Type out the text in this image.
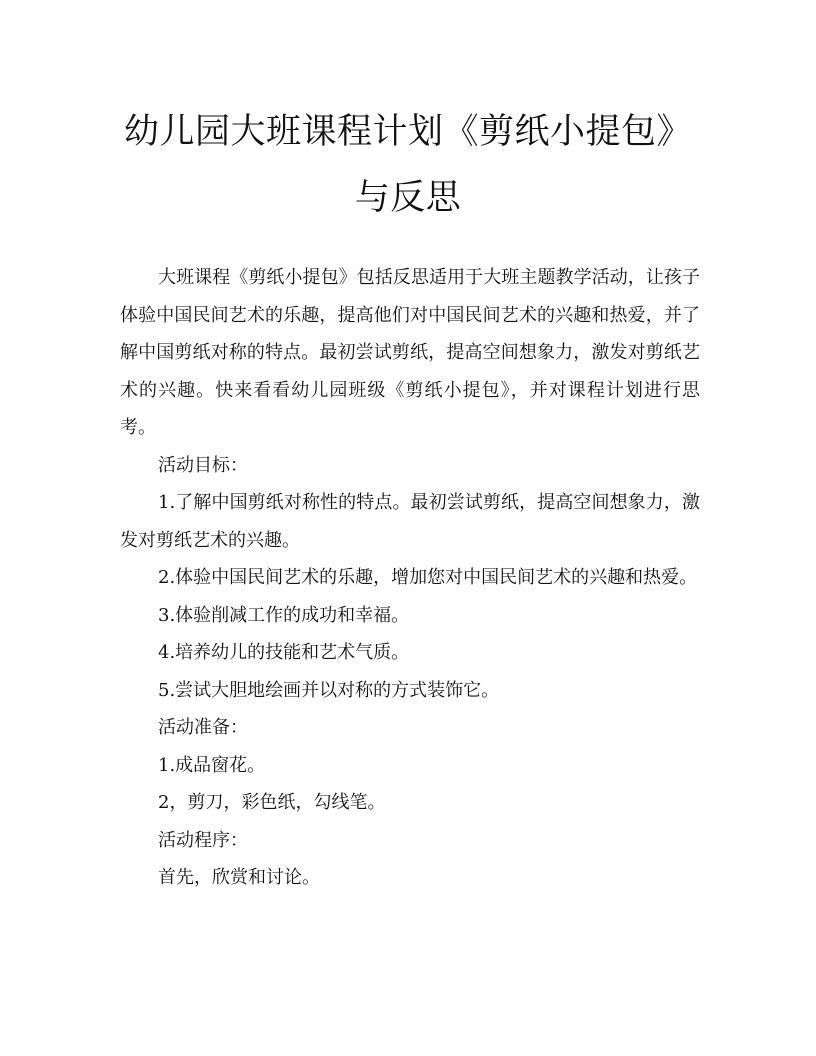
幼儿园大班课程计划《剪纸小提包》与反思

大班课程《剪纸小提包》包括反思适用于大班主题教学活动，让孩子体验中国民间艺术的乐趣，提高他们对中国民间艺术的兴趣和热爱，并了解中国剪纸对称的特点。最初尝试剪纸，提高空间想象力，激发对剪纸艺术的兴趣。快来看看幼儿园班级《剪纸小提包》，并对课程计划进行思考。

活动目标：

1.了解中国剪纸对称性的特点。最初尝试剪纸，提高空间想象力，激发对剪纸艺术的兴趣。

2.体验中国民间艺术的乐趣，增加您对中国民间艺术的兴趣和热爱。

3.体验削减工作的成功和幸福。

4.培养幼儿的技能和艺术气质。

5.尝试大胆地绘画并以对称的方式装饰它。

活动准备：

1.成品窗花。

2，剪刀，彩色纸，勾线笔。

活动程序：

首先，欣赏和讨论。
